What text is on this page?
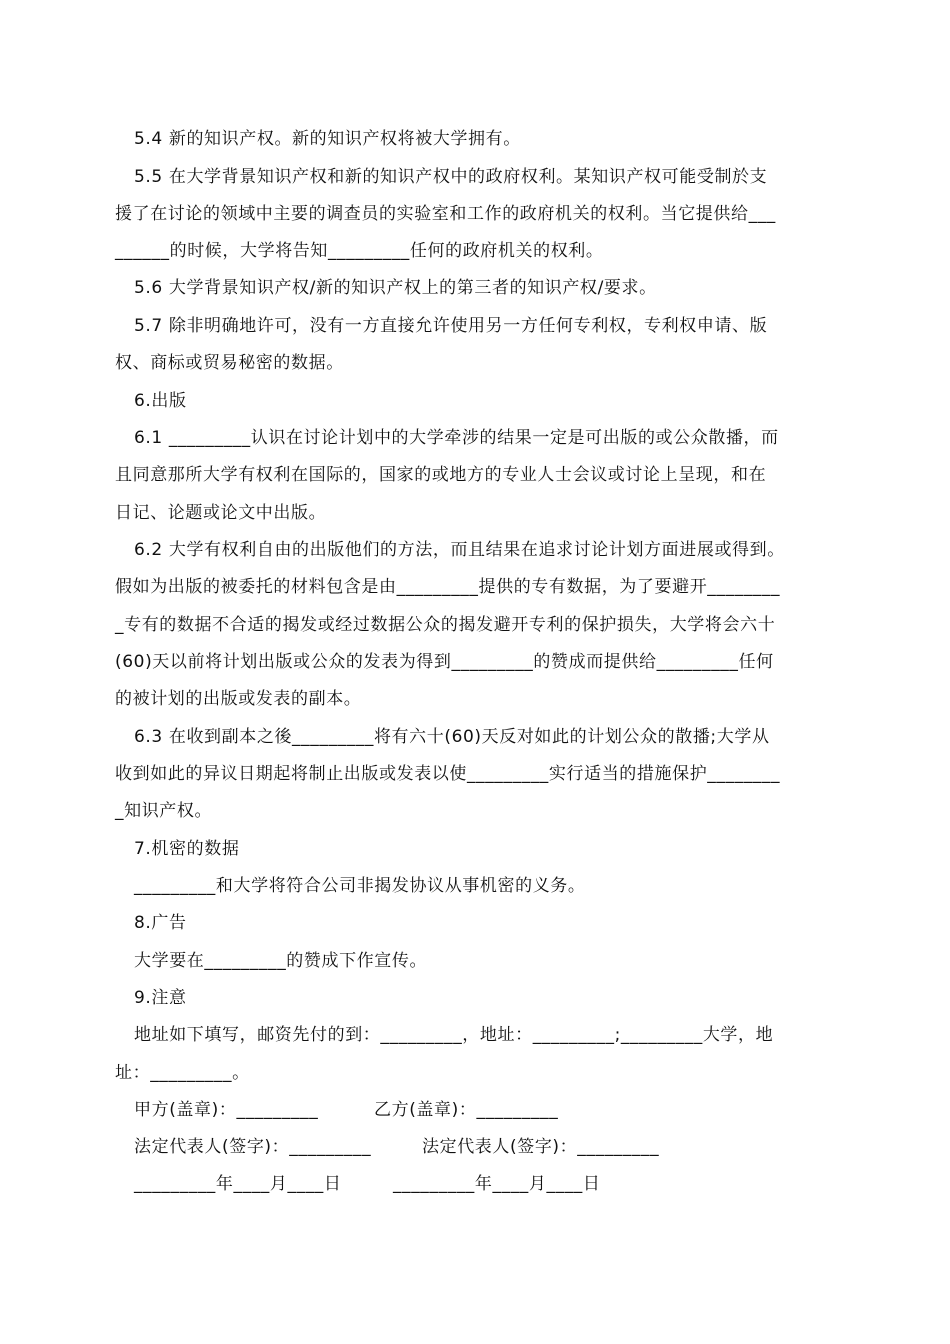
5.4 新的知识产权。新的知识产权将被大学拥有。
5.5 在大学背景知识产权和新的知识产权中的政府权利。某知识产权可能受制於支
援了在讨论的领域中主要的调查员的实验室和工作的政府机关的权利。当它提供给___
______的时候，大学将告知_________任何的政府机关的权利。
5.6 大学背景知识产权/新的知识产权上的第三者的知识产权/要求。
5.7 除非明确地许可，没有一方直接允许使用另一方任何专利权，专利权申请、版
权、商标或贸易秘密的数据。
6.出版
6.1 _________认识在讨论计划中的大学牵涉的结果一定是可出版的或公众散播，而
且同意那所大学有权利在国际的，国家的或地方的专业人士会议或讨论上呈现，和在
日记、论题或论文中出版。
6.2 大学有权利自由的出版他们的方法，而且结果在追求讨论计划方面进展或得到。
假如为出版的被委托的材料包含是由_________提供的专有数据，为了要避开________
_专有的数据不合适的揭发或经过数据公众的揭发避开专利的保护损失，大学将会六十
(60)天以前将计划出版或公众的发表为得到_________的赞成而提供给_________任何
的被计划的出版或发表的副本。
6.3 在收到副本之後_________将有六十(60)天反对如此的计划公众的散播;大学从
收到如此的异议日期起将制止出版或发表以使_________实行适当的措施保护________
_知识产权。
7.机密的数据
_________和大学将符合公司非揭发协议从事机密的义务。
8.广告
大学要在_________的赞成下作宣传。
9.注意
地址如下填写，邮资先付的到：_________，地址：_________;_________大学，地
址：_________。
甲方(盖章)：_________	乙方(盖章)：_________
法定代表人(签字)：_________	法定代表人(签字)：_________
_________年____月____日	_________年____月____日
